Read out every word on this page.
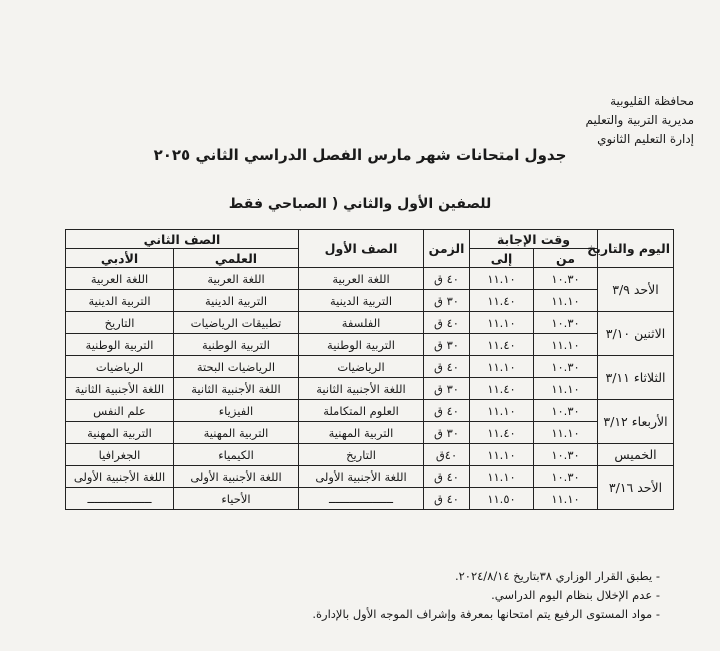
محافظة القليوبية
مديرية التربية والتعليم
إدارة التعليم الثانوي
جدول امتحانات شهر مارس الفصل الدراسي الثاني ٢٠٢٥
للصفين الأول والثاني ( الصباحي فقط
اليوم والتاريخ	وقت الإجابة		الزمن	الصف الأول	الصف الثاني	
	من	إلى			العلمي	الأدبي
الأحد ٣/٩	١٠.٣٠	١١.١٠	٤٠ ق	اللغة العربية	اللغة العربية	اللغة العربية
	١١.١٠	١١.٤٠	٣٠ ق	التربية الدينية	التربية الدينية	التربية الدينية
الاثنين ٣/١٠	١٠.٣٠	١١.١٠	٤٠ ق	الفلسفة	تطبيقات الرياضيات	التاريخ
	١١.١٠	١١.٤٠	٣٠ ق	التربية الوطنية	التربية الوطنية	التربية الوطنية
الثلاثاء ٣/١١	١٠.٣٠	١١.١٠	٤٠ ق	الرياضيات	الرياضيات البحتة	الرياضيات
	١١.١٠	١١.٤٠	٣٠ ق	اللغة الأجنبية الثانية	اللغة الأجنبية الثانية	اللغة الأجنبية الثانية
الأربعاء ٣/١٢	١٠.٣٠	١١.١٠	٤٠ ق	العلوم المتكاملة	الفيزياء	علم النفس
	١١.١٠	١١.٤٠	٣٠ ق	التربية المهنية	التربية المهنية	التربية المهنية
الخميس	١٠.٣٠	١١.١٠	٤٠ق	التاريخ	الكيمياء	الجغرافيا
الأحد ٣/١٦	١٠.٣٠	١١.١٠	٤٠ ق	اللغة الأجنبية الأولى	اللغة الأجنبية الأولى	اللغة الأجنبية الأولى
	١١.١٠	١١.٥٠	٤٠ ق	ـــــــــــــــــــ	الأحياء	ـــــــــــــــــــ
- يطبق القرار الوزاري ٣٨بتاريخ ٢٠٢٤/٨/١٤.
- عدم الإخلال بنظام اليوم الدراسي.
- مواد المستوى الرفيع يتم امتحانها بمعرفة وإشراف الموجه الأول بالإدارة.
